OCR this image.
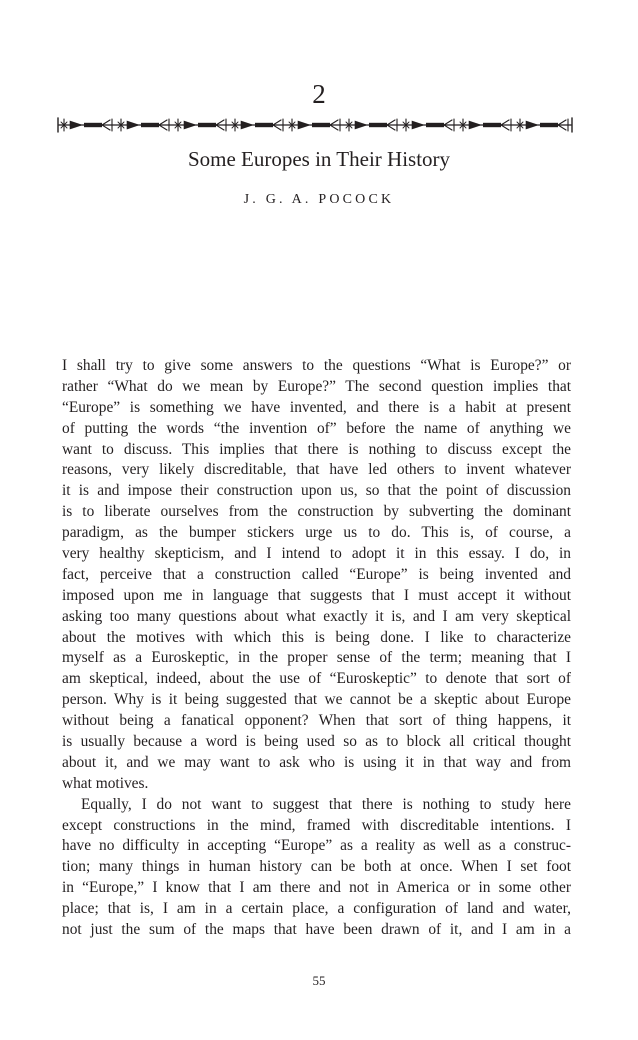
2
Some Europes in Their History
J. G. A. POCOCK
I shall try to give some answers to the questions “What is Europe?” or
rather “What do we mean by Europe?” The second question implies that
“Europe” is something we have invented, and there is a habit at present
of putting the words “the invention of” before the name of anything we
want to discuss. This implies that there is nothing to discuss except the
reasons, very likely discreditable, that have led others to invent whatever
it is and impose their construction upon us, so that the point of discussion
is to liberate ourselves from the construction by subverting the dominant
paradigm, as the bumper stickers urge us to do. This is, of course, a
very healthy skepticism, and I intend to adopt it in this essay. I do, in
fact, perceive that a construction called “Europe” is being invented and
imposed upon me in language that suggests that I must accept it without
asking too many questions about what exactly it is, and I am very skeptical
about the motives with which this is being done. I like to characterize
myself as a Euroskeptic, in the proper sense of the term; meaning that I
am skeptical, indeed, about the use of “Euroskeptic” to denote that sort of
person. Why is it being suggested that we cannot be a skeptic about Europe
without being a fanatical opponent? When that sort of thing happens, it
is usually because a word is being used so as to block all critical thought
about it, and we may want to ask who is using it in that way and from
what motives.
Equally, I do not want to suggest that there is nothing to study here
except constructions in the mind, framed with discreditable intentions. I
have no difficulty in accepting “Europe” as a reality as well as a construc-
tion; many things in human history can be both at once. When I set foot
in “Europe,” I know that I am there and not in America or in some other
place; that is, I am in a certain place, a configuration of land and water,
not just the sum of the maps that have been drawn of it, and I am in a
55
